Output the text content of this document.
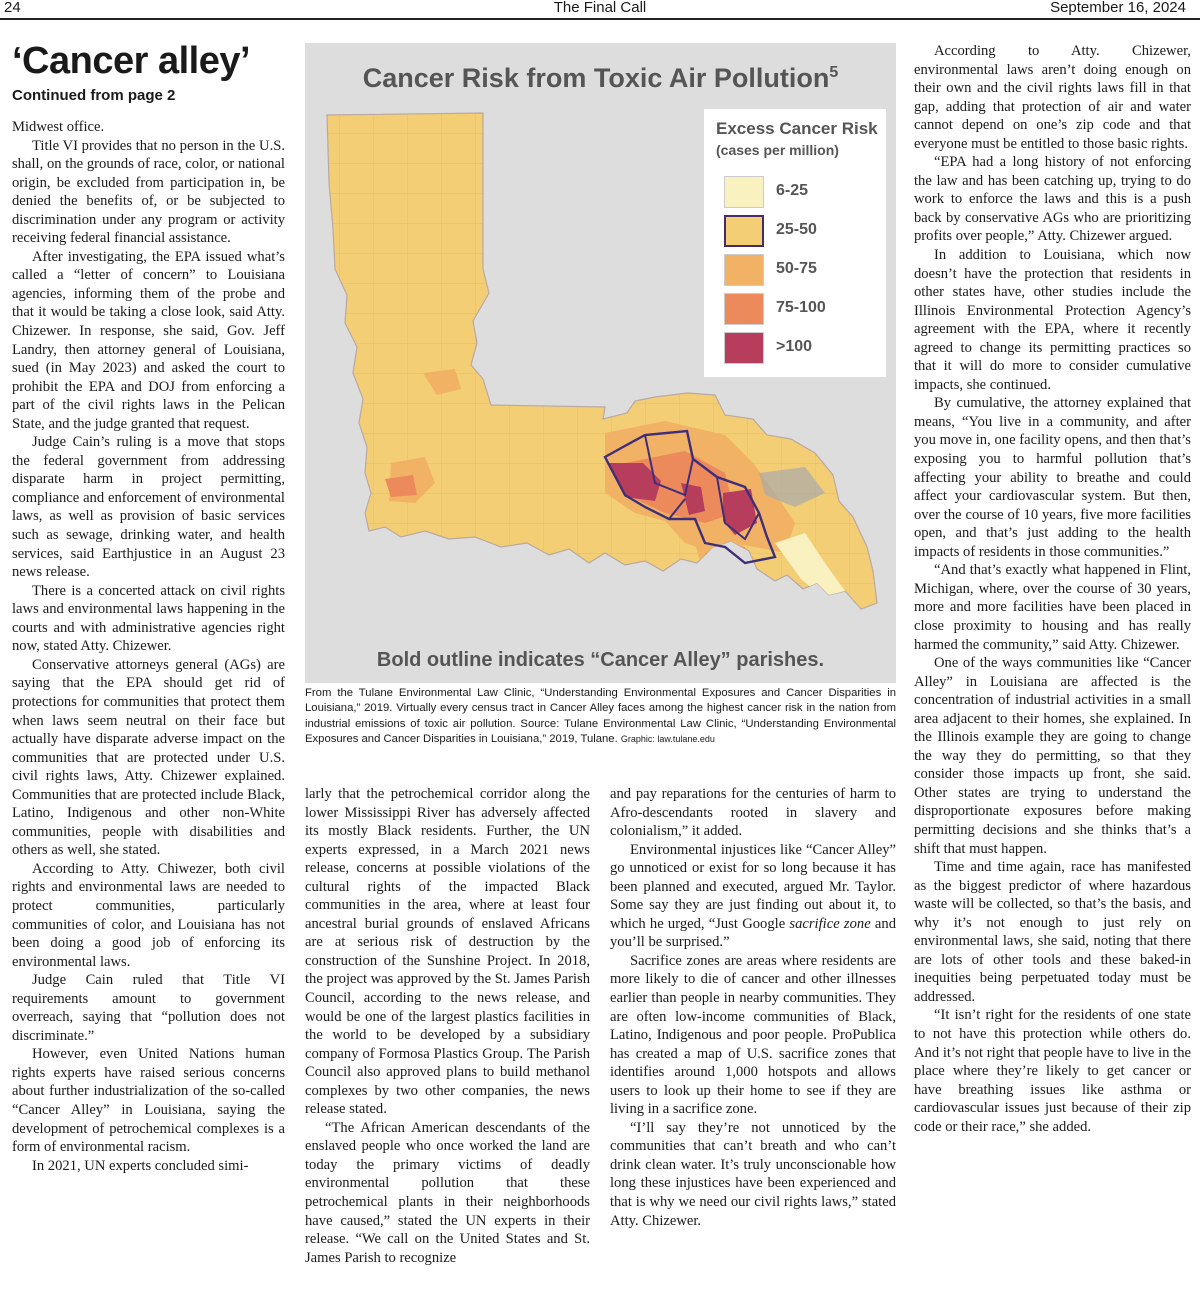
24	The Final Call	September 16, 2024
‘Cancer alley’
Continued from page 2

Midwest office.

Title VI provides that no person in the U.S. shall, on the grounds of race, color, or national origin, be excluded from participation in, be denied the benefits of, or be subjected to discrimination under any program or activity receiving federal financial assistance.

After investigating, the EPA issued what’s called a “letter of concern” to Louisiana agencies, informing them of the probe and that it would be taking a close look, said Atty. Chizewer. In response, she said, Gov. Jeff Landry, then attorney general of Louisiana, sued (in May 2023) and asked the court to prohibit the EPA and DOJ from enforcing a part of the civil rights laws in the Pelican State, and the judge granted that request.

Judge Cain’s ruling is a move that stops the federal government from addressing disparate harm in project permitting, compliance and enforcement of environmental laws, as well as provision of basic services such as sewage, drinking water, and health services, said Earthjustice in an August 23 news release.

There is a concerted attack on civil rights laws and environmental laws happening in the courts and with administrative agencies right now, stated Atty. Chizewer.

Conservative attorneys general (AGs) are saying that the EPA should get rid of protections for communities that protect them when laws seem neutral on their face but actually have disparate adverse impact on the communities that are protected under U.S. civil rights laws, Atty. Chizewer explained. Communities that are protected include Black, Latino, Indigenous and other non-White communities, people with disabilities and others as well, she stated.

According to Atty. Chiwezer, both civil rights and environmental laws are needed to protect communities, particularly communities of color, and Louisiana has not been doing a good job of enforcing its environmental laws.

Judge Cain ruled that Title VI requirements amount to government overreach, saying that “pollution does not discriminate.”

However, even United Nations human rights experts have raised serious concerns about further industrialization of the so-called “Cancer Alley” in Louisiana, saying the development of petrochemical complexes is a form of environmental racism.

In 2021, UN experts concluded simi-

Cancer Risk from Toxic Air Pollution$^5$
Excess Cancer Risk
(cases per million)
6-25
25-50
50-75
75-100
>100
Bold outline indicates “Cancer Alley” parishes.
From the Tulane Environmental Law Clinic, “Understanding Environmental Exposures and Cancer Disparities in Louisiana,” 2019. Virtually every census tract in Cancer Alley faces among the highest cancer risk in the nation from industrial emissions of toxic air pollution. Source: Tulane Environmental Law Clinic, “Understanding Environmental Exposures and Cancer Disparities in Louisiana,” 2019, Tulane. Graphic: law.tulane.edu

larly that the petrochemical corridor along the lower Mississippi River has adversely affected its mostly Black residents. Further, the UN experts expressed, in a March 2021 news release, concerns at possible violations of the cultural rights of the impacted Black communities in the area, where at least four ancestral burial grounds of enslaved Africans are at serious risk of destruction by the construction of the Sunshine Project. In 2018, the project was approved by the St. James Parish Council, according to the news release, and would be one of the largest plastics facilities in the world to be developed by a subsidiary company of Formosa Plastics Group. The Parish Council also approved plans to build methanol complexes by two other companies, the news release stated.

“The African American descendants of the enslaved people who once worked the land are today the primary victims of deadly environmental pollution that these petrochemical plants in their neighborhoods have caused,” stated the UN experts in their release. “We call on the United States and St. James Parish to recognize

and pay reparations for the centuries of harm to Afro-descendants rooted in slavery and colonialism,” it added.

Environmental injustices like “Cancer Alley” go unnoticed or exist for so long because it has been planned and executed, argued Mr. Taylor. Some say they are just finding out about it, to which he urged, “Just Google sacrifice zone and you’ll be surprised.”

Sacrifice zones are areas where residents are more likely to die of cancer and other illnesses earlier than people in nearby communities. They are often low-income communities of Black, Latino, Indigenous and poor people. ProPublica has created a map of U.S. sacrifice zones that identifies around 1,000 hotspots and allows users to look up their home to see if they are living in a sacrifice zone.

“I’ll say they’re not unnoticed by the communities that can’t breath and who can’t drink clean water. It’s truly unconscionable how long these injustices have been experienced and that is why we need our civil rights laws,” stated Atty. Chizewer.

According to Atty. Chizewer, environmental laws aren’t doing enough on their own and the civil rights laws fill in that gap, adding that protection of air and water cannot depend on one’s zip code and that everyone must be entitled to those basic rights.

“EPA had a long history of not enforcing the law and has been catching up, trying to do work to enforce the laws and this is a push back by conservative AGs who are prioritizing profits over people,” Atty. Chizewer argued.

In addition to Louisiana, which now doesn’t have the protection that residents in other states have, other studies include the Illinois Environmental Protection Agency’s agreement with the EPA, where it recently agreed to change its permitting practices so that it will do more to consider cumulative impacts, she continued.

By cumulative, the attorney explained that means, “You live in a community, and after you move in, one facility opens, and then that’s exposing you to harmful pollution that’s affecting your ability to breathe and could affect your cardiovascular system. But then, over the course of 10 years, five more facilities open, and that’s just adding to the health impacts of residents in those communities.”

“And that’s exactly what happened in Flint, Michigan, where, over the course of 30 years, more and more facilities have been placed in close proximity to housing and has really harmed the community,” said Atty. Chizewer.

One of the ways communities like “Cancer Alley” in Louisiana are affected is the concentration of industrial activities in a small area adjacent to their homes, she explained. In the Illinois example they are going to change the way they do permitting, so that they consider those impacts up front, she said. Other states are trying to understand the disproportionate exposures before making permitting decisions and she thinks that’s a shift that must happen.

Time and time again, race has manifested as the biggest predictor of where hazardous waste will be collected, so that’s the basis, and why it’s not enough to just rely on environmental laws, she said, noting that there are lots of other tools and these baked-in inequities being perpetuated today must be addressed.

“It isn’t right for the residents of one state to not have this protection while others do. And it’s not right that people have to live in the place where they’re likely to get cancer or have breathing issues like asthma or cardiovascular issues just because of their zip code or their race,” she added.
